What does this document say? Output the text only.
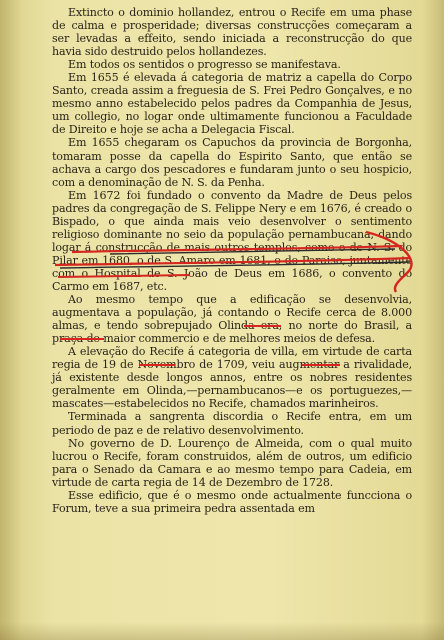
Extincto o dominio hollandez, entrou o Recife em uma phase de calma e prosperidade; diversas construcções começaram a ser levadas a effeito, sendo iniciada a reconstrucção do que havia sido destruido pelos hollandezes.

Em todos os sentidos o progresso se manifestava.

Em 1655 é elevada á categoria de matriz a capella do Corpo Santo, creada assim a freguesia de S. Frei Pedro Gonçalves, e no mesmo anno estabelecido pelos padres da Companhia de Jesus, um collegio, no logar onde ultimamente funcionou a Faculdade de Direito e hoje se acha a Delegacia Fiscal.

Em 1655 chegaram os Capuchos da provincia de Borgonha, tomaram posse da capella do Espirito Santo, que então se achava a cargo dos pescadores e fundaram junto o seu hospicio, com a denominação de N. S. da Penha.

Em 1672 foi fundado o convento da Madre de Deus pelos padres da congregação de S. Felippe Nery e em 1676, é creado o Bispado, o que ainda mais veio desenvolver o sentimento religioso dominante no seio da população pernambucana, dando logar á construcção de mais outros templos, como o de N. S. do Pilar em 1680, o de S. Amaro em 1681, o do Paraiso, juntamente com o Hospital de S. João de Deus em 1686, o convento do Carmo em 1687, etc.

Ao mesmo tempo que a edificação se desenvolvia, augmentava a população, já contando o Recife cerca de 8.000 almas, e tendo sobrepujado Olinda era, no norte do Brasil, a praça de maior commercio e de melhores meios de defesa.

A elevação do Recife á categoria de villa, em virtude de carta regia de 19 de Novembro de 1709, veiu augmentar a rivalidade, já existente desde longos annos, entre os nobres residentes geralmente em Olinda,—pernambucanos—e os portuguezes,—mascates—estabelecidos no Recife, chamados marinheiros.

Terminada a sangrenta discordia o Recife entra, em um periodo de paz e de relativo desenvolvimento.

No governo de D. Lourenço de Almeida, com o qual muito lucrou o Recife, foram construidos, além de outros, um edificio para o Senado da Camara e ao mesmo tempo para Cadeia, em virtude de carta regia de 14 de Dezembro de 1728.

Esse edificio, que é o mesmo onde actualmente funcciona o Forum, teve a sua primeira pedra assentada em
